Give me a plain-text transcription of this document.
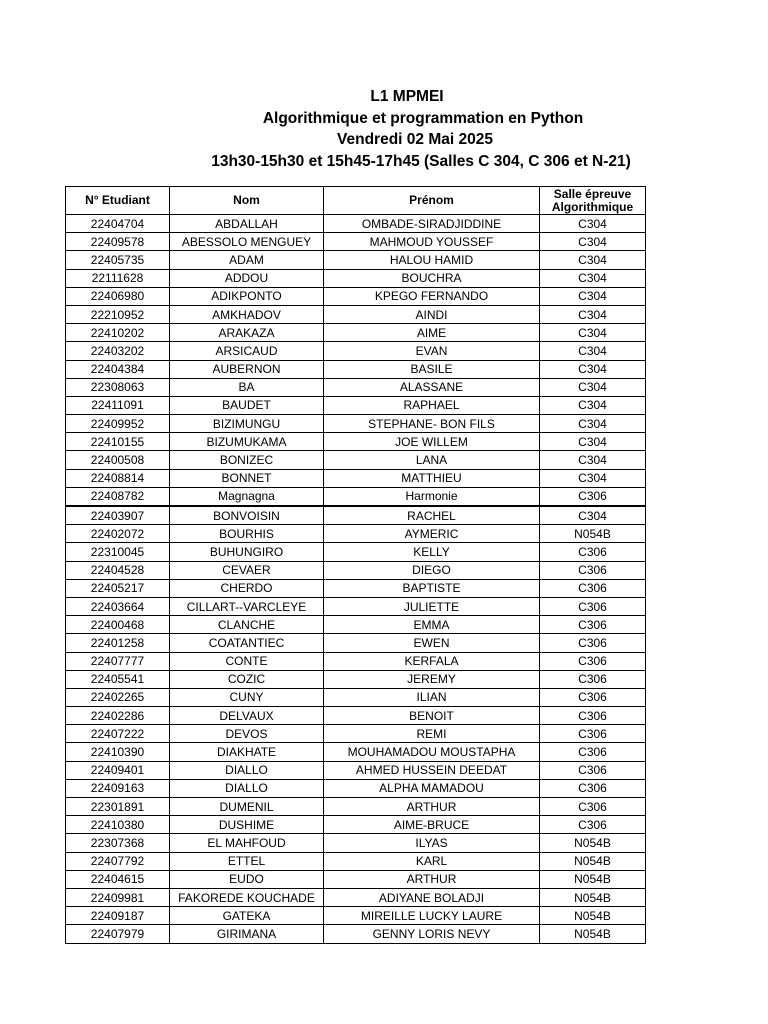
L1 MPMEI
Algorithmique et programmation en Python
Vendredi 02 Mai 2025
13h30-15h30 et 15h45-17h45 (Salles C 304, C 306 et N-21)
N° Etudiant	Nom	Prénom	Salle épreuve
Algorithmique
22404704	ABDALLAH	OMBADE-SIRADJIDDINE	C304
22409578	ABESSOLO MENGUEY	MAHMOUD YOUSSEF	C304
22405735	ADAM	HALOU HAMID	C304
22111628	ADDOU	BOUCHRA	C304
22406980	ADIKPONTO	KPEGO FERNANDO	C304
22210952	AMKHADOV	AINDI	C304
22410202	ARAKAZA	AIME	C304
22403202	ARSICAUD	EVAN	C304
22404384	AUBERNON	BASILE	C304
22308063	BA	ALASSANE	C304
22411091	BAUDET	RAPHAEL	C304
22409952	BIZIMUNGU	STEPHANE- BON FILS	C304
22410155	BIZUMUKAMA	JOE WILLEM	C304
22400508	BONIZEC	LANA	C304
22408814	BONNET	MATTHIEU	C304
22408782	Magnagna	Harmonie	C306
22403907	BONVOISIN	RACHEL	C304
22402072	BOURHIS	AYMERIC	N054B
22310045	BUHUNGIRO	KELLY	C306
22404528	CEVAER	DIEGO	C306
22405217	CHERDO	BAPTISTE	C306
22403664	CILLART--VARCLEYE	JULIETTE	C306
22400468	CLANCHE	EMMA	C306
22401258	COATANTIEC	EWEN	C306
22407777	CONTE	KERFALA	C306
22405541	COZIC	JEREMY	C306
22402265	CUNY	ILIAN	C306
22402286	DELVAUX	BENOIT	C306
22407222	DEVOS	REMI	C306
22410390	DIAKHATE	MOUHAMADOU MOUSTAPHA	C306
22409401	DIALLO	AHMED HUSSEIN DEEDAT	C306
22409163	DIALLO	ALPHA MAMADOU	C306
22301891	DUMENIL	ARTHUR	C306
22410380	DUSHIME	AIME-BRUCE	C306
22307368	EL MAHFOUD	ILYAS	N054B
22407792	ETTEL	KARL	N054B
22404615	EUDO	ARTHUR	N054B
22409981	FAKOREDE KOUCHADE	ADIYANE BOLADJI	N054B
22409187	GATEKA	MIREILLE LUCKY LAURE	N054B
22407979	GIRIMANA	GENNY LORIS NEVY	N054B
